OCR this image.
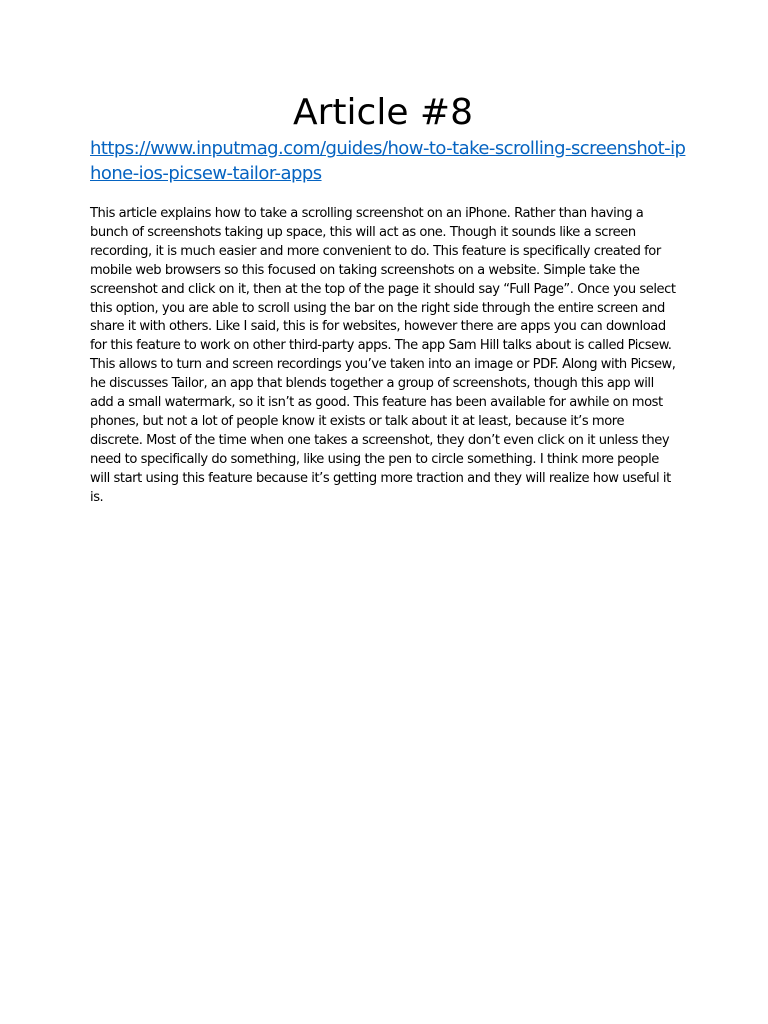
Article #8
https://www.inputmag.com/guides/how-to-take-scrolling-screenshot-iphone-ios-picsew-tailor-apps

This article explains how to take a scrolling screenshot on an iPhone. Rather than having a bunch of screenshots taking up space, this will act as one. Though it sounds like a screen recording, it is much easier and more convenient to do. This feature is specifically created for mobile web browsers so this focused on taking screenshots on a website. Simple take the screenshot and click on it, then at the top of the page it should say “Full Page”. Once you select this option, you are able to scroll using the bar on the right side through the entire screen and share it with others. Like I said, this is for websites, however there are apps you can download for this feature to work on other third-party apps. The app Sam Hill talks about is called Picsew. This allows to turn and screen recordings you’ve taken into an image or PDF. Along with Picsew, he discusses Tailor, an app that blends together a group of screenshots, though this app will add a small watermark, so it isn’t as good. This feature has been available for awhile on most phones, but not a lot of people know it exists or talk about it at least, because it’s more discrete. Most of the time when one takes a screenshot, they don’t even click on it unless they need to specifically do something, like using the pen to circle something. I think more people will start using this feature because it’s getting more traction and they will realize how useful it is.
